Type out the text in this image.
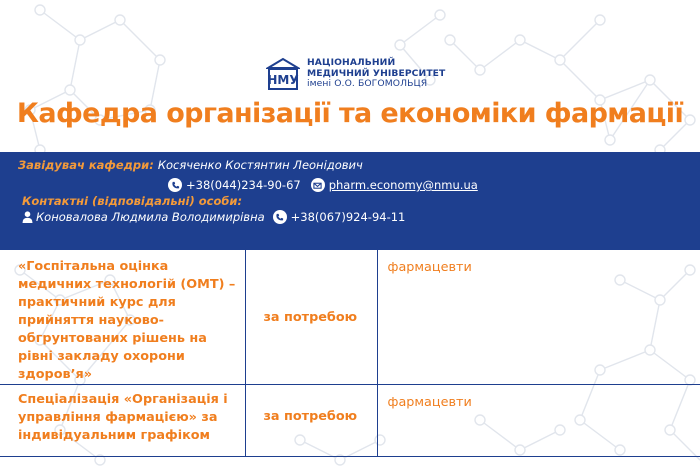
НМУ
НАЦІОНАЛЬНИЙ
МЕДИЧНИЙ УНІВЕРСИТЕТ
імені О.О. БОГОМОЛЬЦЯ
Кафедра організації та економіки фармації
Завідувач кафедри: Косяченко Костянтин Леонідович
+38(044)234-90-67 pharm.economy@nmu.ua
Контактні (відповідальні) особи:
Коновалова Людмила Володимирівна +38(067)924-94-11
«Госпітальна оцінка медичних технологій (ОМТ) – практичний курс для прийняття науково-обгрунтованих рішень на рівні закладу охорони здоров’я»	за потребою	фармацевти
Спеціалізація «Організація і управління фармацією» за індивідуальним графіком	за потребою	фармацевти
